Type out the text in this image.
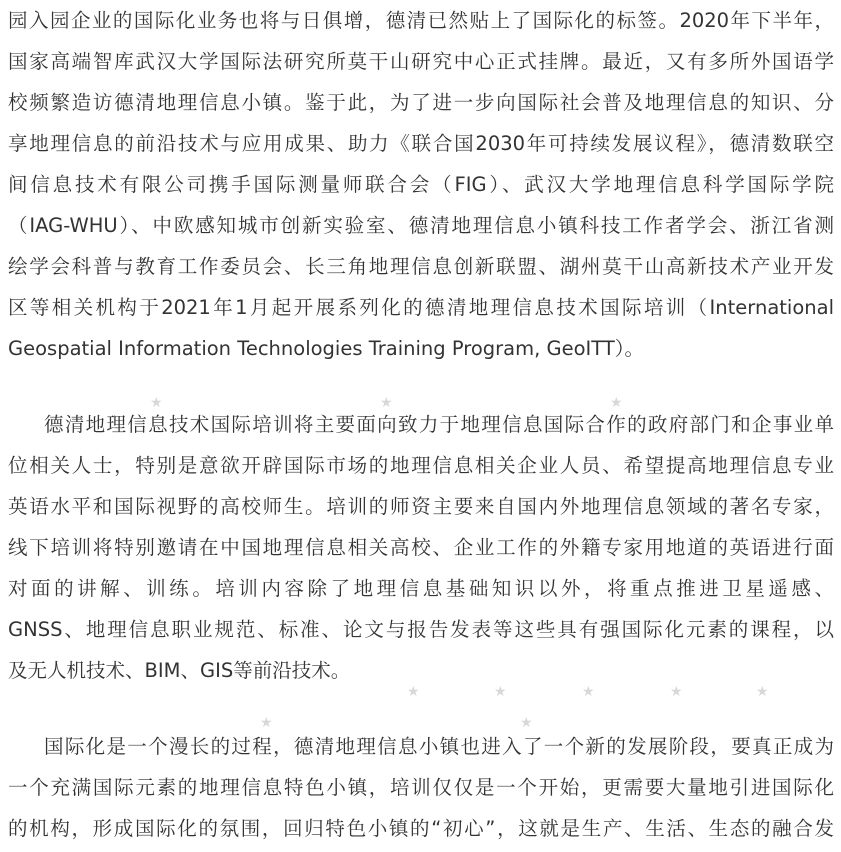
园入园企业的国际化业务也将与日俱增，德清已然贴上了国际化的标签。2020年下半年，
国家高端智库武汉大学国际法研究所莫干山研究中心正式挂牌。最近，又有多所外国语学
校频繁造访德清地理信息小镇。鉴于此，为了进一步向国际社会普及地理信息的知识、分
享地理信息的前沿技术与应用成果、助力《联合国2030年可持续发展议程》，德清数联空
间信息技术有限公司携手国际测量师联合会（FIG）、武汉大学地理信息科学国际学院
（IAG-WHU）、中欧感知城市创新实验室、德清地理信息小镇科技工作者学会、浙江省测
绘学会科普与教育工作委员会、长三角地理信息创新联盟、湖州莫干山高新技术产业开发
区等相关机构于2021年1月起开展系列化的德清地理信息技术国际培训（International
Geospatial Information Technologies Training Program, GeoITT）。
德清地理信息技术国际培训将主要面向致力于地理信息国际合作的政府部门和企事业单
位相关人士，特别是意欲开辟国际市场的地理信息相关企业人员、希望提高地理信息专业
英语水平和国际视野的高校师生。培训的师资主要来自国内外地理信息领域的著名专家，
线下培训将特别邀请在中国地理信息相关高校、企业工作的外籍专家用地道的英语进行面
对面的讲解、训练。培训内容除了地理信息基础知识以外，将重点推进卫星遥感、
GNSS、地理信息职业规范、标准、论文与报告发表等这些具有强国际化元素的课程，以
及无人机技术、BIM、GIS等前沿技术。
国际化是一个漫长的过程，德清地理信息小镇也进入了一个新的发展阶段，要真正成为
一个充满国际元素的地理信息特色小镇，培训仅仅是一个开始，更需要大量地引进国际化
的机构，形成国际化的氛围，回归特色小镇的“初心”，这就是生产、生活、生态的融合发
★	★	★	★	★
★	★	★
★	★
